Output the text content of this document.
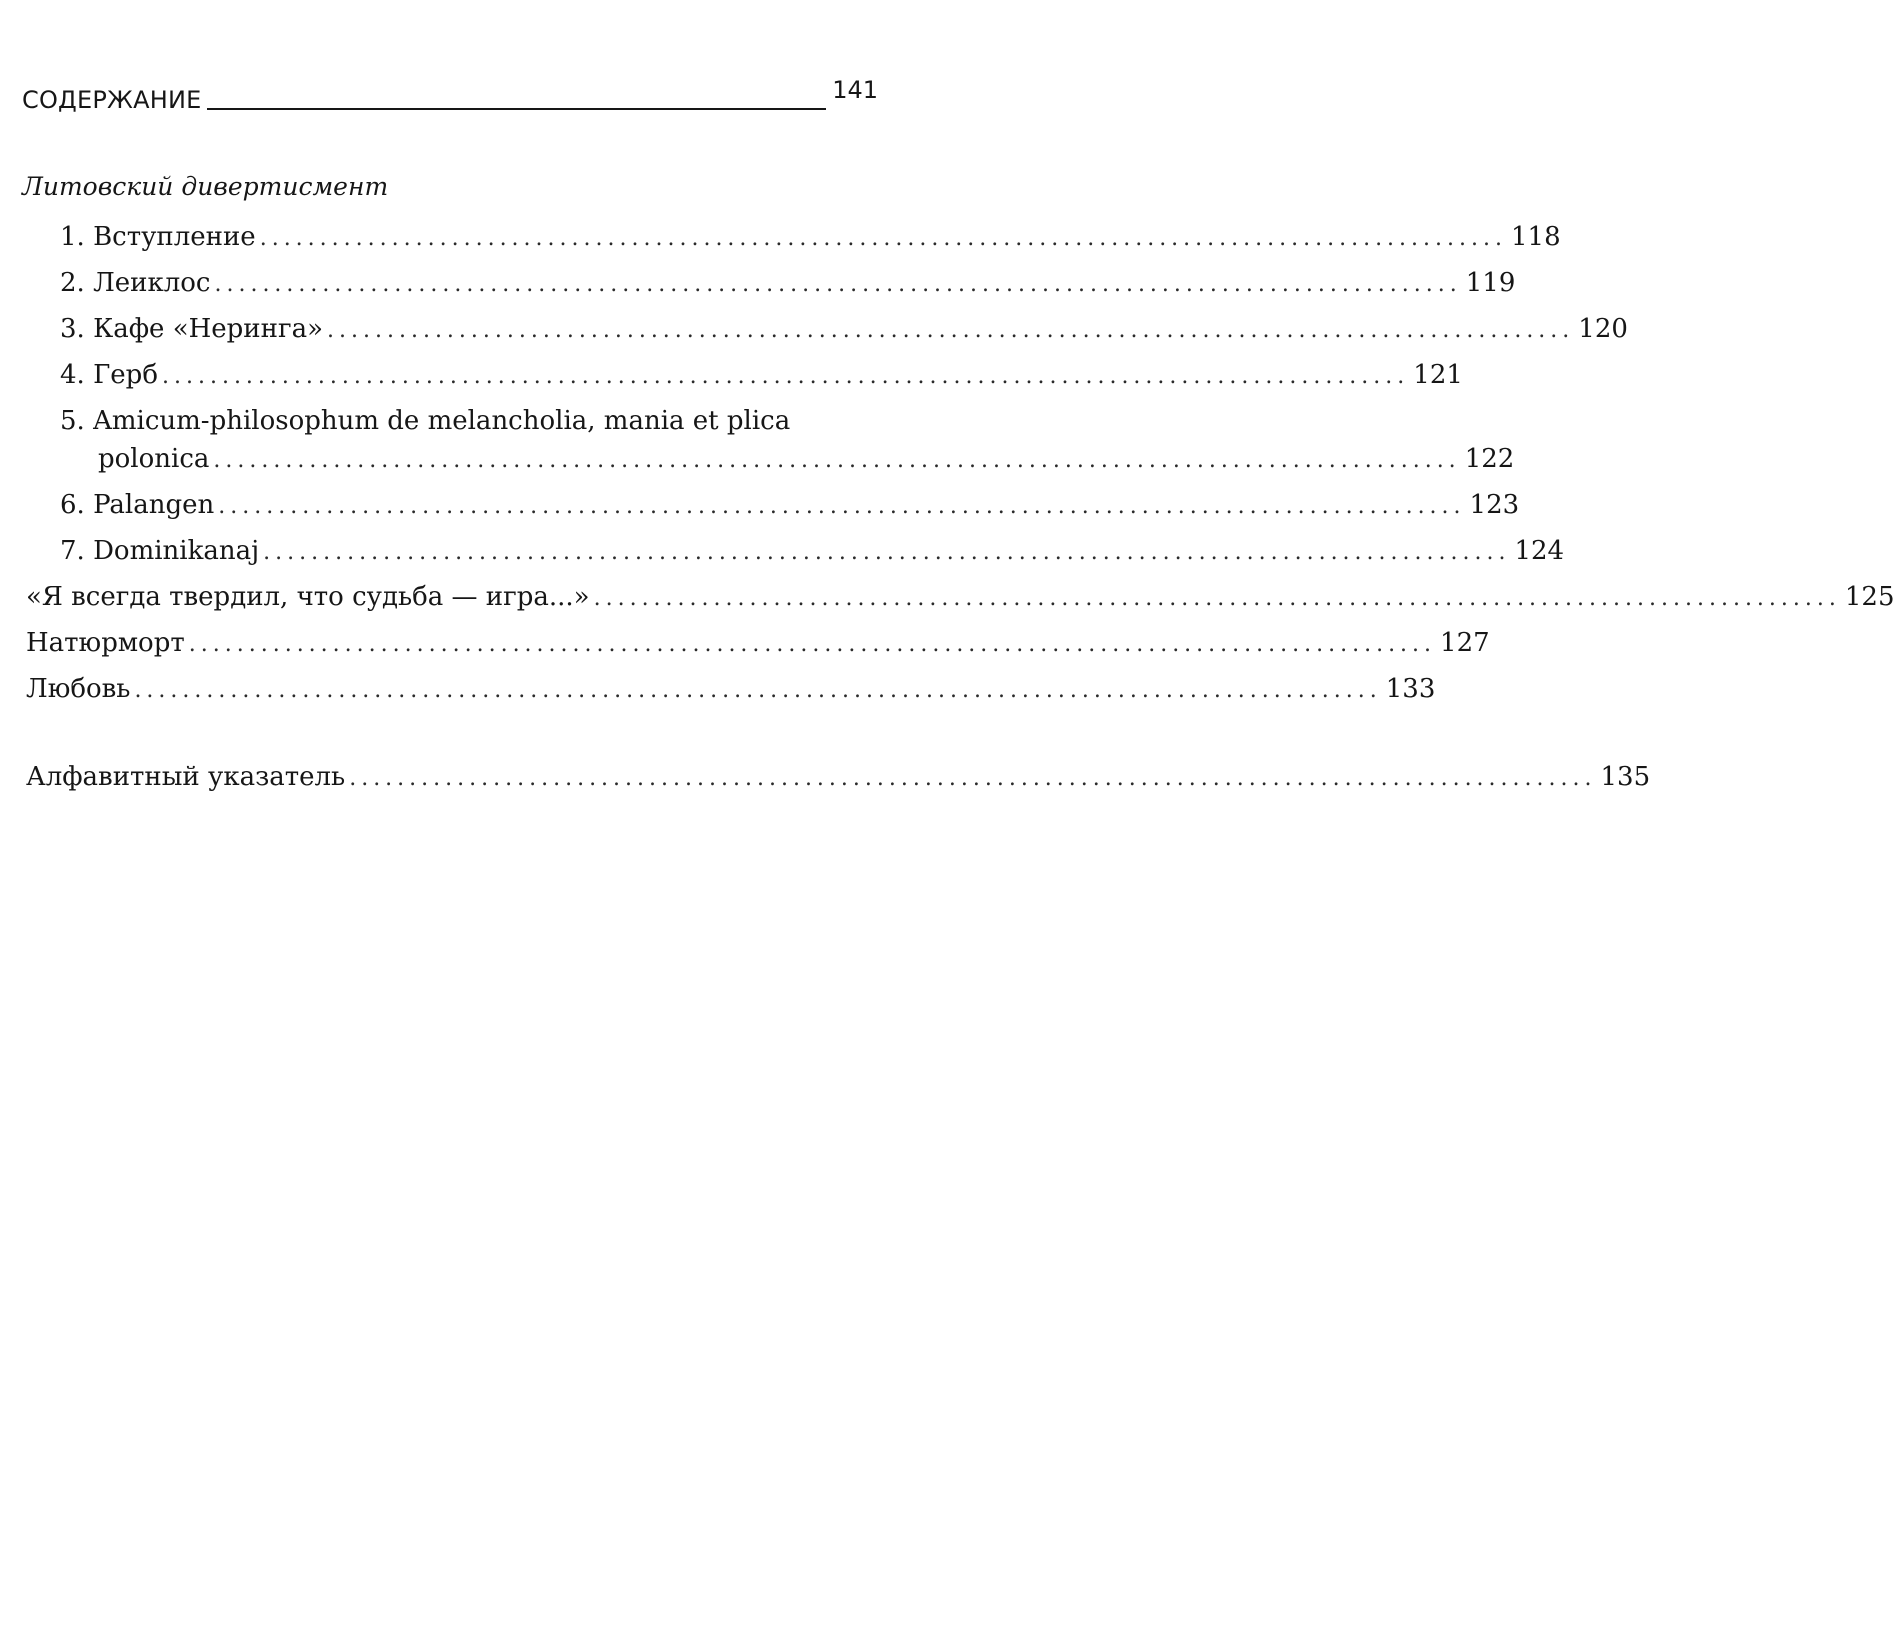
СОДЕРЖАНИЕ	141
Литовский дивертисмент
1. Вступление ........................................................................................................ 118
2. Леиклос ........................................................................................................ 119
3. Кафе «Неринга» ........................................................................................................ 120
4. Герб ........................................................................................................ 121
5. Amicum-philosophum de melancholia, mania et plica
polonica ........................................................................................................ 122
6. Palangen ........................................................................................................ 123
7. Dominikanaj ........................................................................................................ 124
«Я всегда твердил, что судьба — игра...» ........................................................................................................ 125
Натюрморт ........................................................................................................ 127
Любовь ........................................................................................................ 133
Алфавитный указатель ........................................................................................................ 135
